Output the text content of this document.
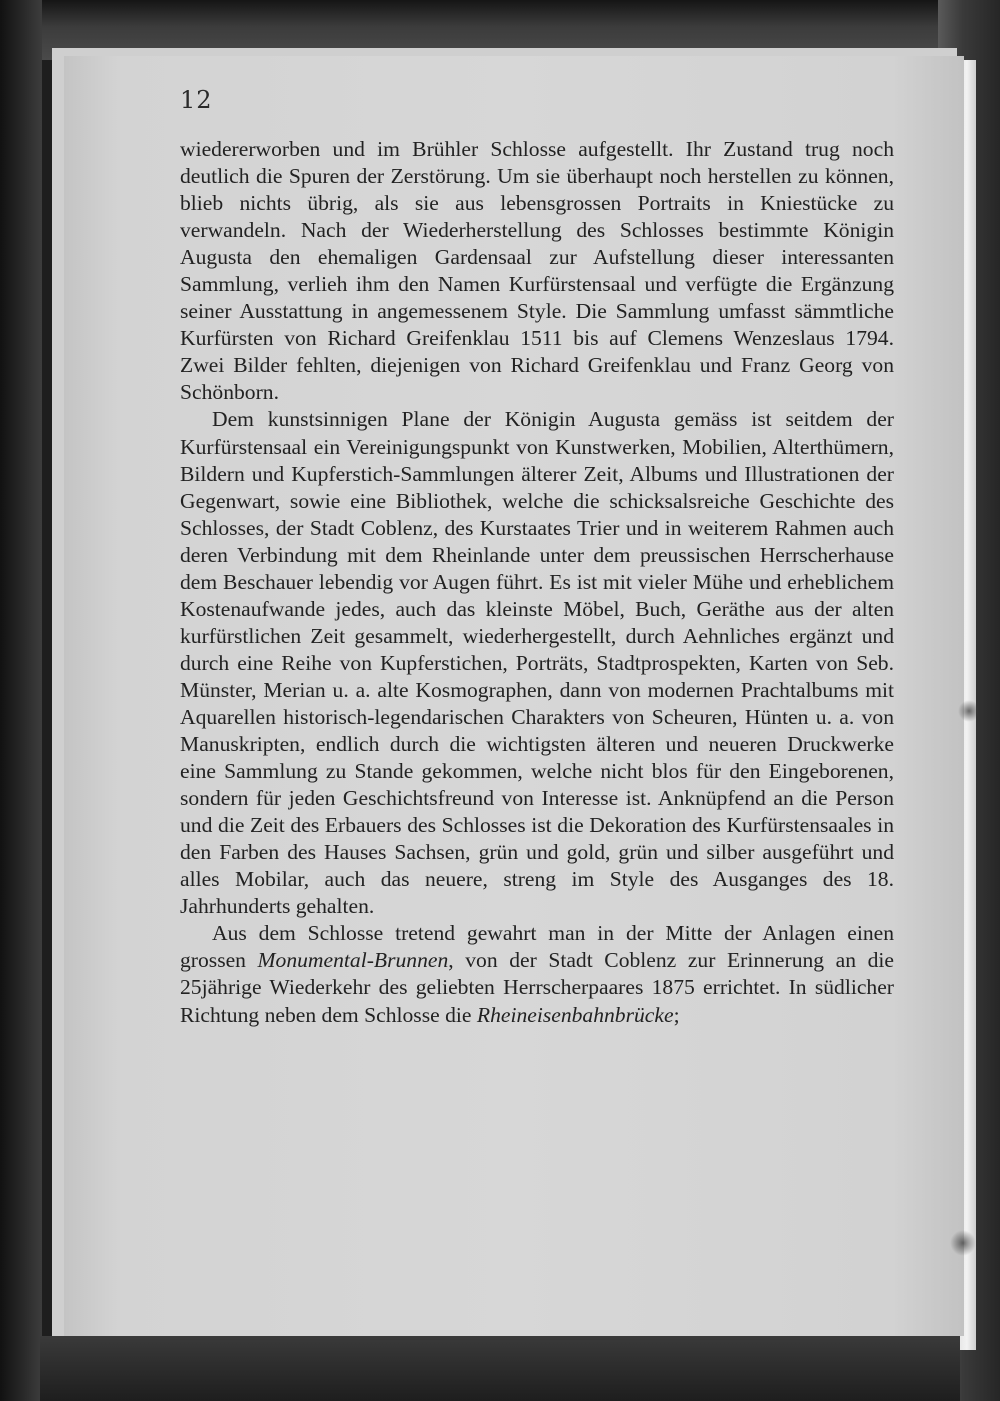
12

wiedererworben und im Brühler Schlosse aufgestellt. Ihr Zustand trug noch deutlich die Spuren der Zerstörung. Um sie überhaupt noch herstellen zu können, blieb nichts übrig, als sie aus lebensgrossen Portraits in Kniestücke zu verwandeln. Nach der Wiederherstellung des Schlosses bestimmte Königin Augusta den ehemaligen Gardensaal zur Aufstellung dieser interessanten Sammlung, verlieh ihm den Namen Kurfürstensaal und verfügte die Ergänzung seiner Ausstattung in angemessenem Style. Die Sammlung umfasst sämmtliche Kurfürsten von Richard Greifenklau 1511 bis auf Clemens Wenzeslaus 1794. Zwei Bilder fehlten, diejenigen von Richard Greifenklau und Franz Georg von Schönborn.

Dem kunstsinnigen Plane der Königin Augusta gemäss ist seitdem der Kurfürstensaal ein Vereinigungspunkt von Kunstwerken, Mobilien, Alterthümern, Bildern und Kupferstich-Sammlungen älterer Zeit, Albums und Illustrationen der Gegenwart, sowie eine Bibliothek, welche die schicksalsreiche Geschichte des Schlosses, der Stadt Coblenz, des Kurstaates Trier und in weiterem Rahmen auch deren Verbindung mit dem Rheinlande unter dem preussischen Herrscherhause dem Beschauer lebendig vor Augen führt. Es ist mit vieler Mühe und erheblichem Kostenaufwande jedes, auch das kleinste Möbel, Buch, Geräthe aus der alten kurfürstlichen Zeit gesammelt, wiederhergestellt, durch Aehnliches ergänzt und durch eine Reihe von Kupferstichen, Porträts, Stadtprospekten, Karten von Seb. Münster, Merian u. a. alte Kosmographen, dann von modernen Prachtalbums mit Aquarellen historisch-legendarischen Charakters von Scheuren, Hünten u. a. von Manuskripten, endlich durch die wichtigsten älteren und neueren Druckwerke eine Sammlung zu Stande gekommen, welche nicht blos für den Eingeborenen, sondern für jeden Geschichtsfreund von Interesse ist. Anknüpfend an die Person und die Zeit des Erbauers des Schlosses ist die Dekoration des Kurfürstensaales in den Farben des Hauses Sachsen, grün und gold, grün und silber ausgeführt und alles Mobilar, auch das neuere, streng im Style des Ausganges des 18. Jahrhunderts gehalten.

Aus dem Schlosse tretend gewahrt man in der Mitte der Anlagen einen grossen Monumental-Brunnen, von der Stadt Coblenz zur Erinnerung an die 25jährige Wiederkehr des geliebten Herrscherpaares 1875 errichtet. In südlicher Richtung neben dem Schlosse die Rheineisenbahnbrücke;
